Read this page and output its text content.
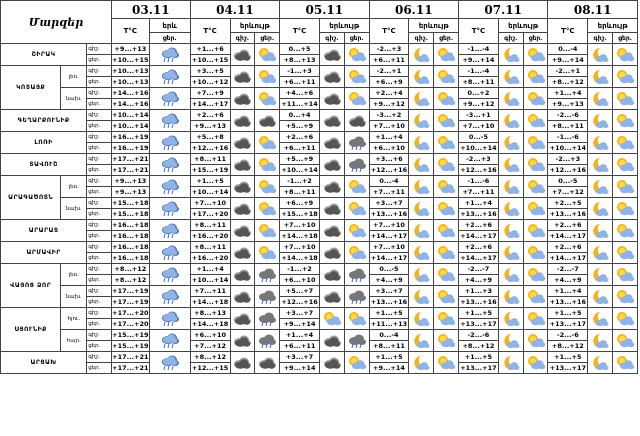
Մարզեր			03.11		04.11			05.11			06.11			07.11			08.11		
			T°C	երև	T°C	երևույթ		T°C	երևույթ		T°C	երևույթ		T°C	երևույթ		T°C	երևույթ	
				ցեր.		գիշ.	ցեր.		գիշ.	ցեր.		գիշ.	ցեր.		գիշ.	ցեր.		գիշ.	ցեր.
ՇԻՐԱԿ		գիշ.	+9...+13		+1...+6			0...+5			-2...+3			-1...-4			0...-4	

		ցեր.	+10...+15		+10...+15			+8...+13			+6...+11			+9...+14			+9...+14		
ԿՈՏԱՅՔ	լեռ.	գիշ.	+10...+13		+3...+5			-1...+3			-2...+1			-1...-4			-2...+1	

		ցեր.	+10...+13		+10...+12			+6...+11			+6...+9			+8...+11			+8...+12		
	նախ.	գիշ.	+14...+16		+7...+9			+4...+6			+2...+4			0...+2			+1...+4	

		ցեր.	+14...+16		+14...+17			+11...+14			+9...+12			+9...+12			+9...+13		
ԳԵՂԱՐՔՈՒՆԻՔ		գիշ.	+10...+14		+2...+6			0...+4			-3...+2			-3...+1			-2...-6	

		ցեր.	+10...+14		+9...+13			+5...+9			+7...+10			+7...+10			+8...+11		
ԼՈՌԻ		գիշ.	+16...+19		+5...+8			+2...+6			+1...+4			0...-5			-1...-6	

		ցեր.	+16...+19		+12...+16			+6...+11			+6...+10			+10...+14			+10...+14		
ՏԱՎՈՒՇ		գիշ.	+17...+21		+8...+11			+5...+9			+3...+6			-2...+3			-2...+3	

		ցեր.	+17...+21		+15...+19			+10...+14			+12...+16			+12...+16			+12...+16		
ԱՐԱԳԱԾՈՏՆ	լեռ.	գիշ.	+9...+13		+1...+5			-1...+2			0...-4			-1...-6			0...-5	

		ցեր.	+9...+13		+10...+14			+8...+11			+7...+11			+7...+11			+7...+12		
	նախ.	գիշ.	+15...+18		+7...+10			+6...+9			+3...+7			+1...+4			+2...+5	

		ցեր.	+15...+18		+17...+20			+15...+18			+13...+16			+13...+16			+13...+16		
ԱՐԱՐԱՏ		գիշ.	+16...+18		+8...+11			+7...+10			+7...+10			+2...+6			+2...+6	

		ցեր.	+16...+18		+16...+20			+14...+18			+14...+17			+14...+17			+14...+17		
ԱՐՄԱՎԻՐ		գիշ.	+16...+18		+8...+11			+7...+10			+7...+10			+2...+6			+2...+6	

		ցեր.	+16...+18		+16...+20			+14...+18			+14...+17			+14...+17			+14...+17		
ՎԱՅՈՑ ՁՈՐ	լեռ.	գիշ.	+8...+12		+1...+4			-1...+2			0...-5			-2...-7			-2...-7	

		ցեր.	+8...+12		+10...+14			+6...+10			+4...+9			+4...+9			+4...+9		
	նախ.	գիշ.	+17...+19		+7...+11			+5...+7			+3...+7			+1...+3			+1...+4	

		ցեր.	+17...+19		+14...+18			+12...+16			+13...+16			+13...+16			+13...+16		
ՍՅՈՒՆԻՔ	հյու.	գիշ.	+17...+20		+8...+13			+3...+7			+1...+5			+1...+5			+1...+5	

		ցեր.	+17...+20		+14...+18			+9...+14			+11...+13			+13...+17			+13...+17		
	հար.	գիշ.	+15...+19		+6...+10			+1...+4			0...-4			-2...-6			-2...-6	

		ցեր.	+15...+19		+7...+12			+6...+11			+8...+11			+8...+12			+8...+12		
ԱՐՑԱԽ		գիշ.	+17...+21		+8...+12			+3...+7			+1...+5			+1...+5			+1...+5	

		ցեր.	+17...+21		+12...+15			+9...+14			+9...+14			+13...+17			+13...+17		
